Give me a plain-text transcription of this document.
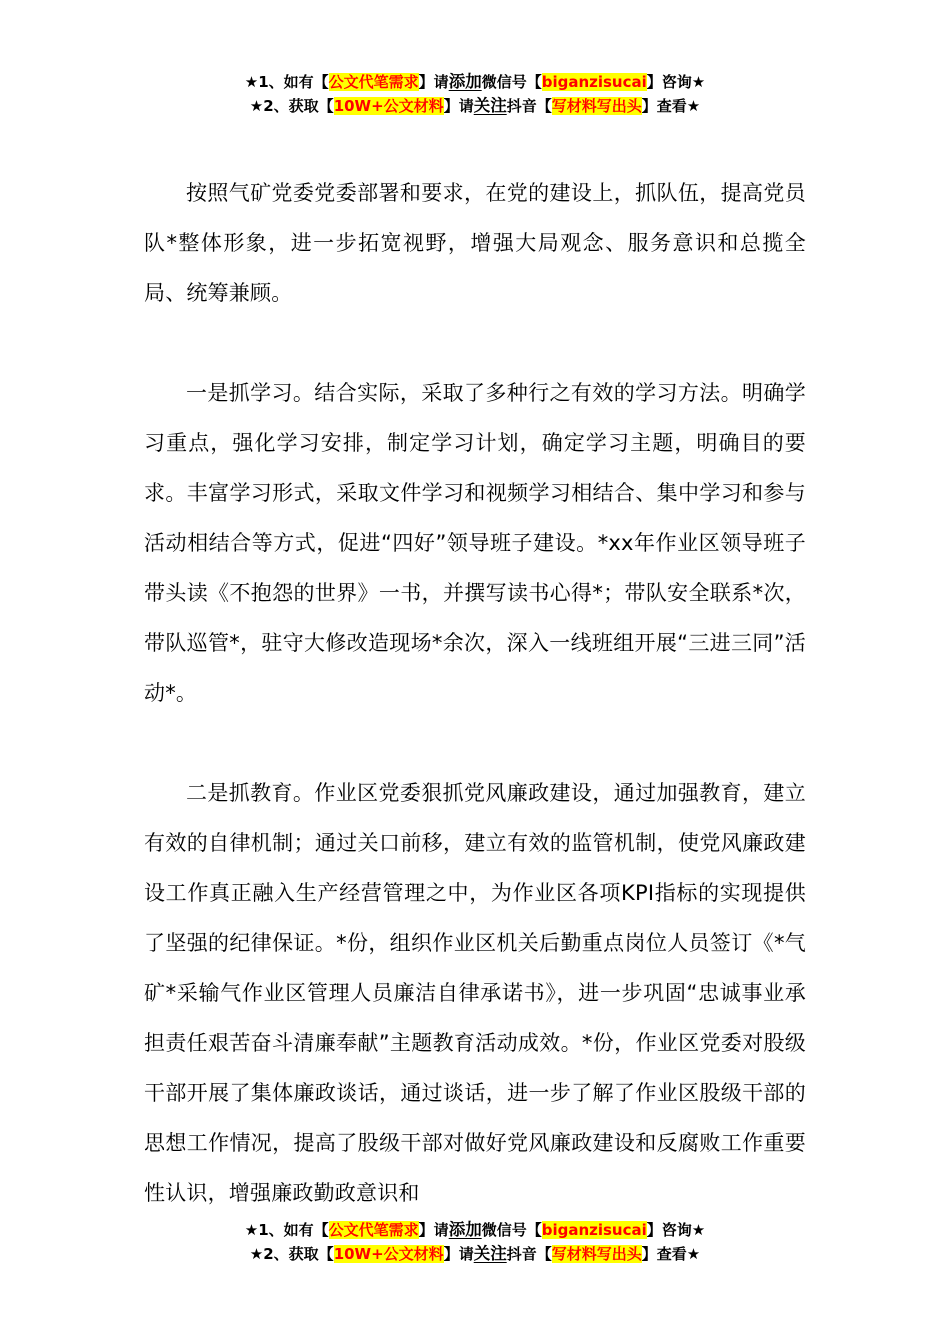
★1、如有【公文代笔需求】请添加微信号【biganzisucai】咨询★
★2、获取【10W+公文材料】请关注抖音【写材料写出头】查看★

按照气矿党委党委部署和要求，在党的建设上，抓队伍，提高党员队*整体形象，进一步拓宽视野，增强大局观念、服务意识和总揽全局、统筹兼顾。

一是抓学习。结合实际，采取了多种行之有效的学习方法。明确学习重点，强化学习安排，制定学习计划，确定学习主题，明确目的要求。丰富学习形式，采取文件学习和视频学习相结合、集中学习和参与活动相结合等方式，促进“四好”领导班子建设。*xx年作业区领导班子带头读《不抱怨的世界》一书，并撰写读书心得*；带队安全联系*次，带队巡管*，驻守大修改造现场*余次，深入一线班组开展“三进三同”活动*。

二是抓教育。作业区党委狠抓党风廉政建设，通过加强教育，建立有效的自律机制；通过关口前移，建立有效的监管机制，使党风廉政建设工作真正融入生产经营管理之中，为作业区各项KPI指标的实现提供了坚强的纪律保证。*份，组织作业区机关后勤重点岗位人员签订《*气矿*采输气作业区管理人员廉洁自律承诺书》，进一步巩固“忠诚事业承担责任艰苦奋斗清廉奉献”主题教育活动成效。*份，作业区党委对股级干部开展了集体廉政谈话，通过谈话，进一步了解了作业区股级干部的思想工作情况，提高了股级干部对做好党风廉政建设和反腐败工作重要性认识，增强廉政勤政意识和

★1、如有【公文代笔需求】请添加微信号【biganzisucai】咨询★
★2、获取【10W+公文材料】请关注抖音【写材料写出头】查看★
